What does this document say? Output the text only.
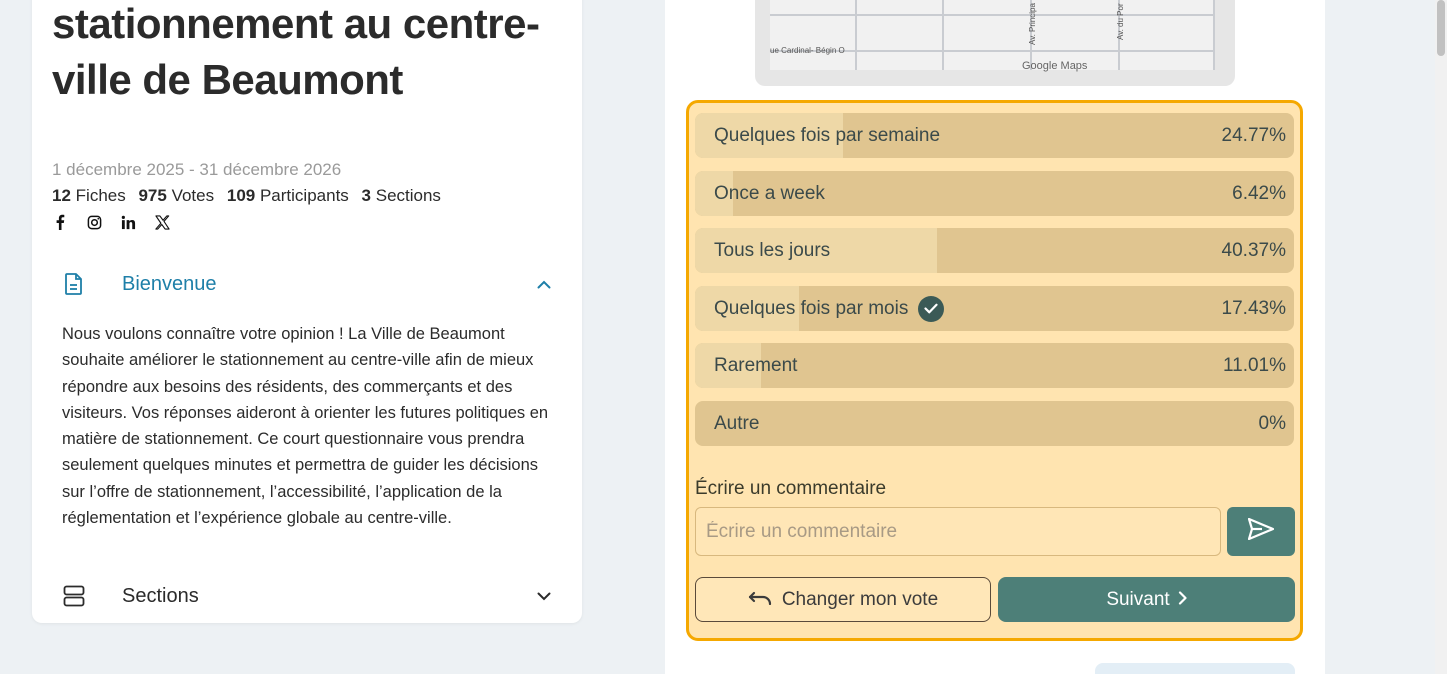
stationnement au centre-ville de Beaumont
1 décembre 2025 - 31 décembre 2026
12 Fiches 975 Votes 109 Participants 3 Sections
Bienvenue
Nous voulons connaître votre opinion ! La Ville de Beaumont souhaite améliorer le stationnement au centre-ville afin de mieux répondre aux besoins des résidents, des commerçants et des visiteurs. Vos réponses aideront à orienter les futures politiques en matière de stationnement. Ce court questionnaire vous prendra seulement quelques minutes et permettra de guider les décisions sur l’offre de stationnement, l’accessibilité, l’application de la réglementation et l’expérience globale au centre-ville.
Sections
ue Cardinal- Bégin O
Av. Principa	Av. du Por
Google Maps
Quelques fois par semaine	24.77%
Once a week	6.42%
Tous les jours	40.37%
Quelques fois par mois	17.43%
Rarement	11.01%
Autre	0%
Écrire un commentaire
Écrire un commentaire
Changer mon vote	Suivant
